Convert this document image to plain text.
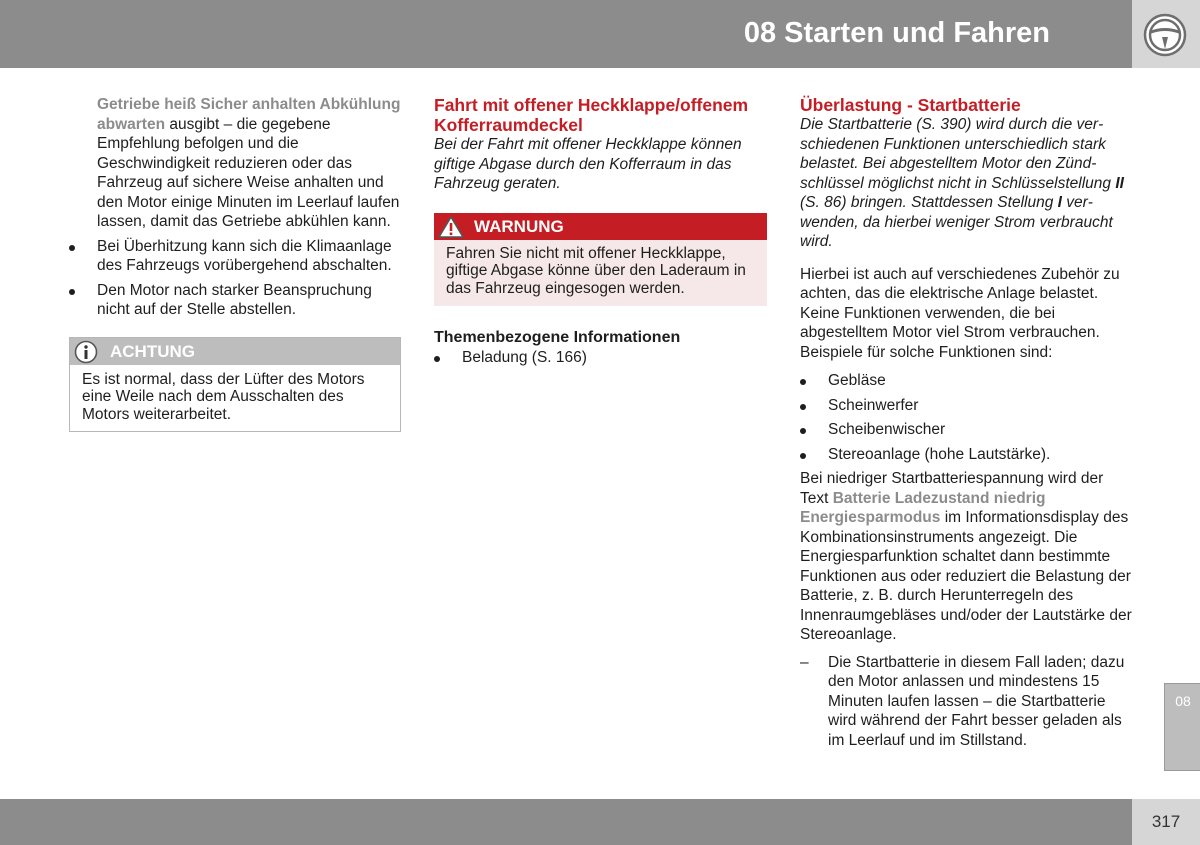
08 Starten und Fahren
Getriebe heiß Sicher anhalten Abkühlung abwarten ausgibt – die gegebene Empfehlung befolgen und die Geschwindigkeit reduzieren oder das Fahrzeug auf sichere Weise anhalten und den Motor einige Minuten im Leerlauf laufen lassen, damit das Getriebe abkühlen kann.
Bei Überhitzung kann sich die Klimaanlage des Fahrzeugs vorübergehend abschalten.
Den Motor nach starker Beanspruchung nicht auf der Stelle abstellen.
ACHTUNG
Es ist normal, dass der Lüfter des Motors eine Weile nach dem Ausschalten des Motors weiterarbeitet.
Fahrt mit offener Heckklappe/offenem Kofferraumdeckel

Bei der Fahrt mit offener Heckklappe können giftige Abgase durch den Kofferraum in das Fahrzeug geraten.

WARNUNG
Fahren Sie nicht mit offener Heckklappe, giftige Abgase könne über den Laderaum in das Fahrzeug eingesogen werden.
Themenbezogene Informationen
Beladung (S. 166)
Überlastung - Startbatterie

Die Startbatterie (S. 390) wird durch die verschiedenen Funktionen unterschiedlich stark belastet. Bei abgestelltem Motor den Zündschlüssel möglichst nicht in Schlüsselstellung II (S. 86) bringen. Stattdessen Stellung I verwenden, da hierbei weniger Strom verbraucht wird.

Hierbei ist auch auf verschiedenes Zubehör zu achten, das die elektrische Anlage belastet. Keine Funktionen verwenden, die bei abgestelltem Motor viel Strom verbrauchen. Beispiele für solche Funktionen sind:

Gebläse
Scheinwerfer
Scheibenwischer
Stereoanlage (hohe Lautstärke).

Bei niedriger Startbatteriespannung wird der Text Batterie Ladezustand niedrig Energiesparmodus im Informationsdisplay des Kombinationsinstruments angezeigt. Die Energiesparfunktion schaltet dann bestimmte Funktionen aus oder reduziert die Belastung der Batterie, z. B. durch Herunterregeln des Innenraumgebläses und/oder der Lautstärke der Stereoanlage.

– Die Startbatterie in diesem Fall laden; dazu den Motor anlassen und mindestens 15 Minuten laufen lassen – die Startbatterie wird während der Fahrt besser geladen als im Leerlauf und im Stillstand.
08
317
